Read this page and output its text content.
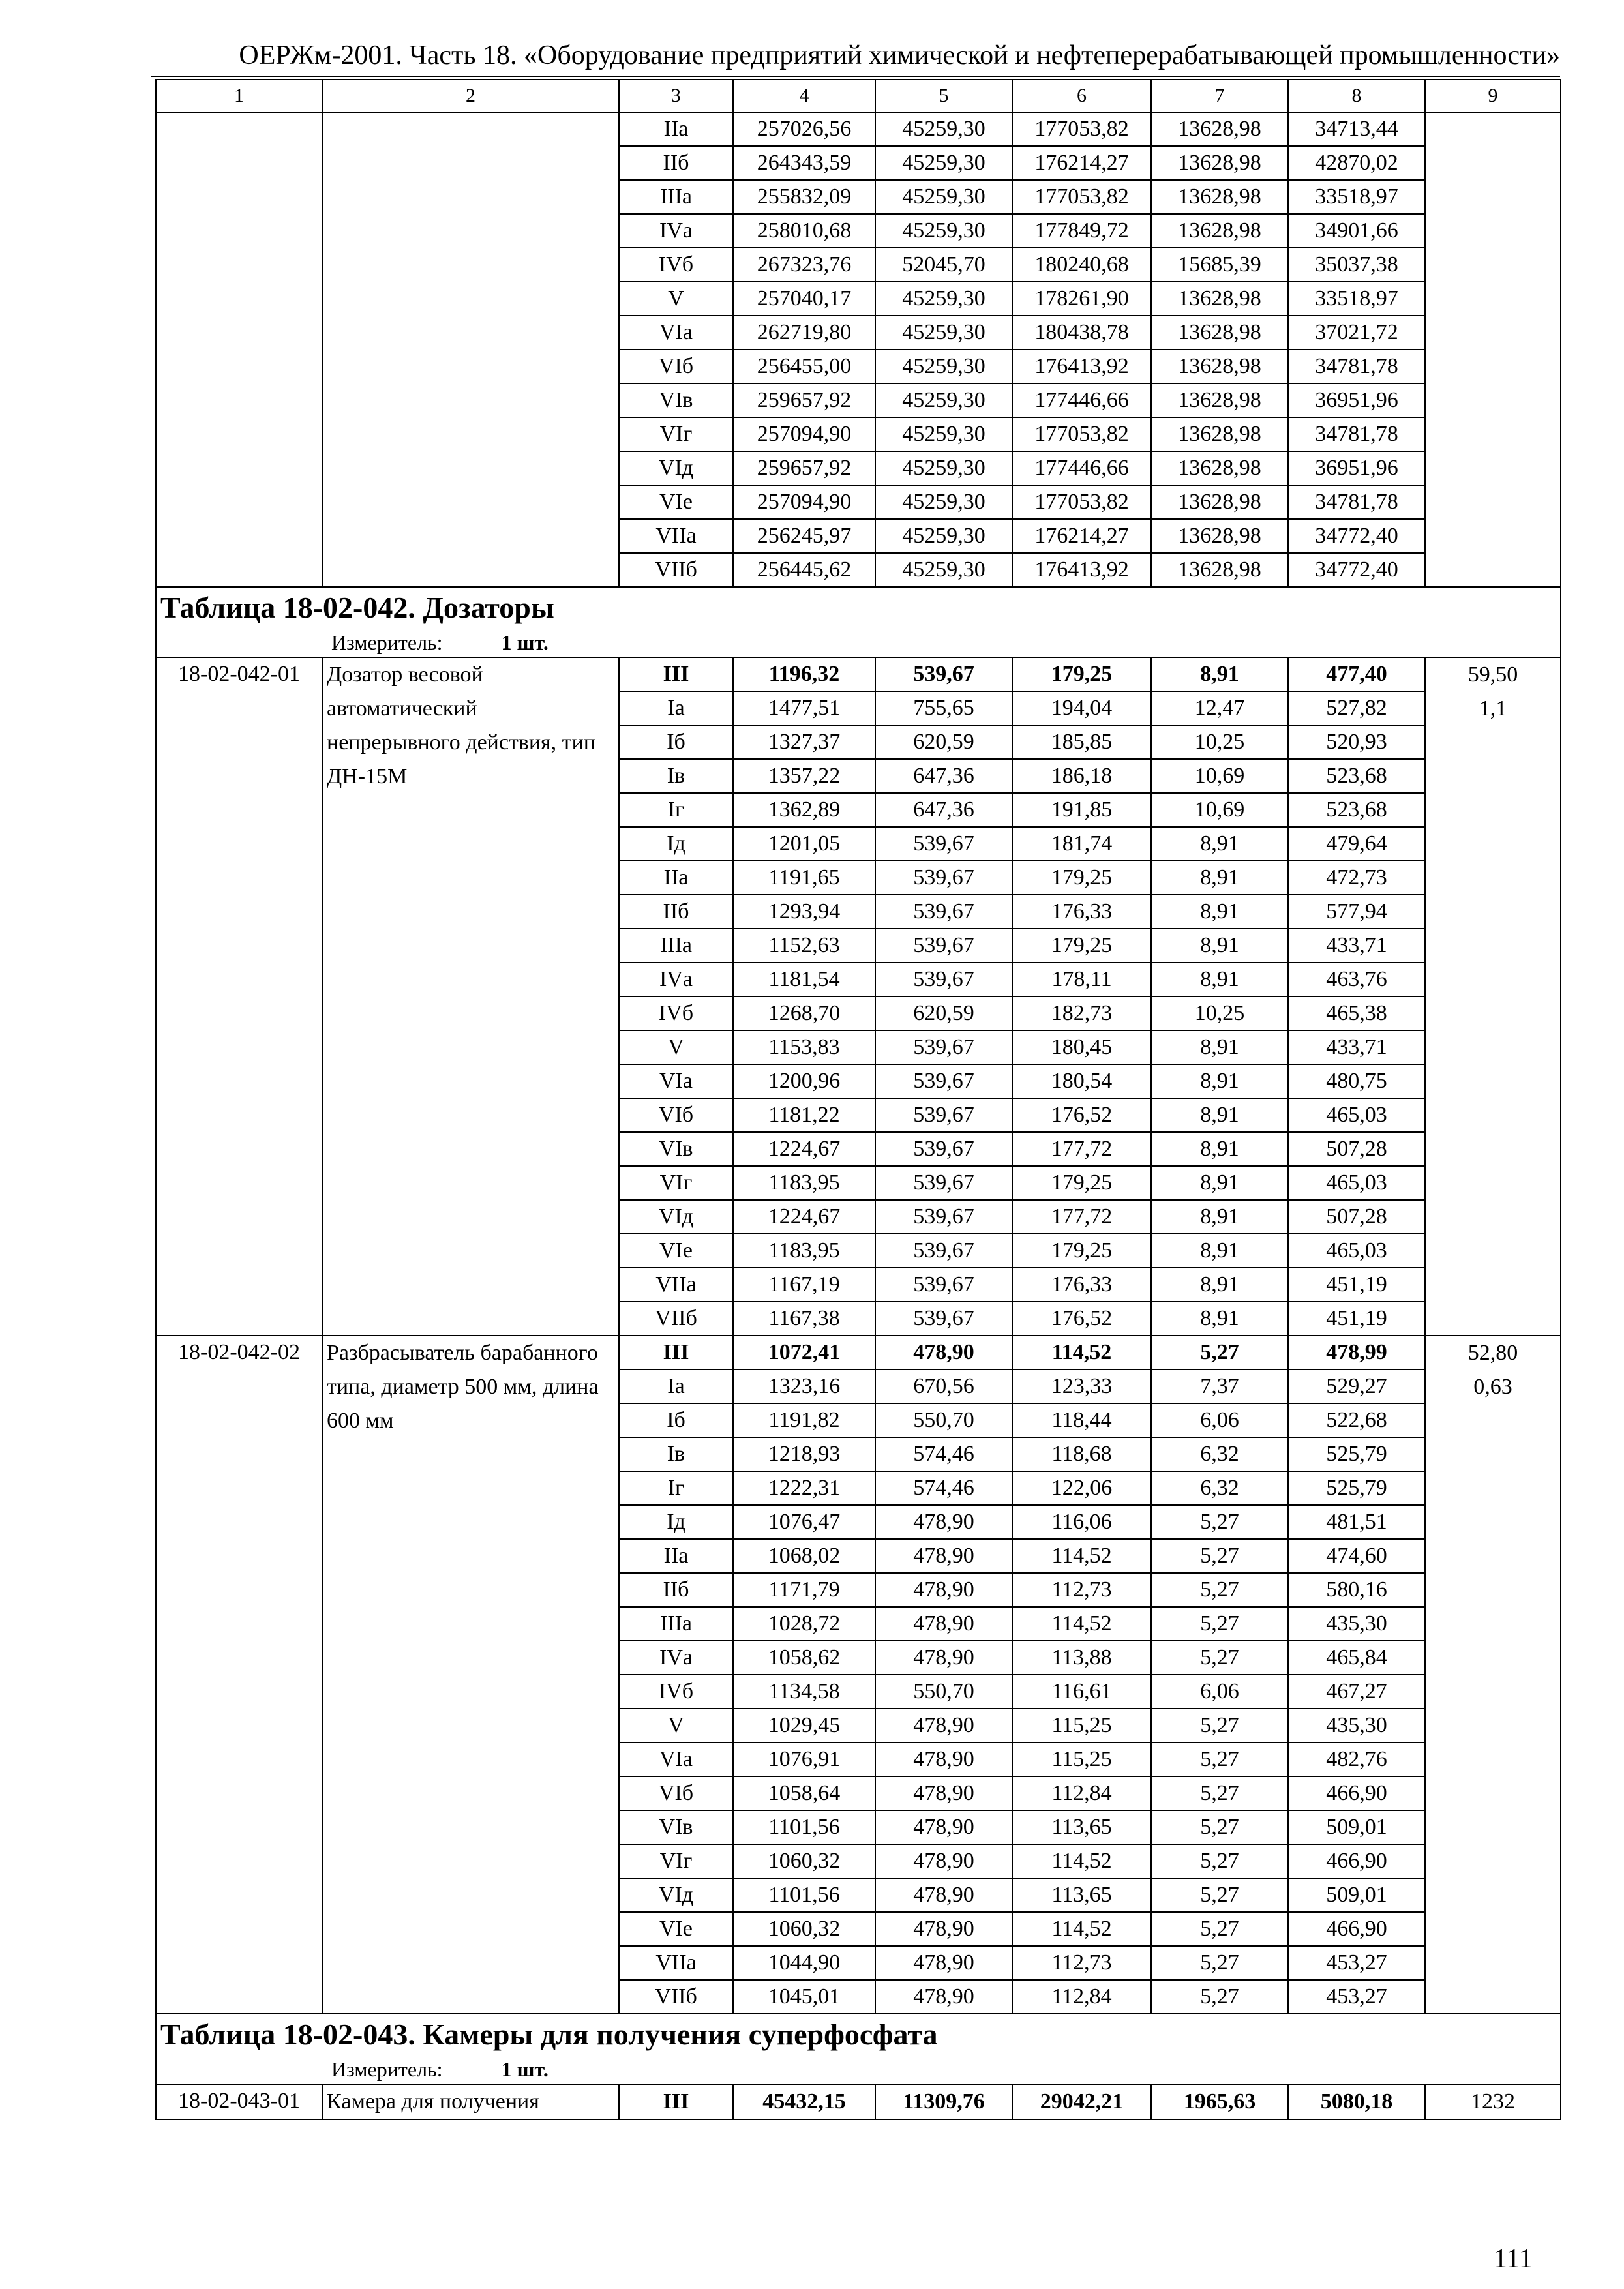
ОЕРЖм-2001. Часть 18. «Оборудование предприятий химической и нефтеперерабатывающей промышленности»
1	2	3	4	5	6	7	8	9
		IIа	257026,56	45259,30	177053,82	13628,98	34713,44	
		IIб	264343,59	45259,30	176214,27	13628,98	42870,02	
		IIIа	255832,09	45259,30	177053,82	13628,98	33518,97	
		IVа	258010,68	45259,30	177849,72	13628,98	34901,66	
		IVб	267323,76	52045,70	180240,68	15685,39	35037,38	
		V	257040,17	45259,30	178261,90	13628,98	33518,97	
		VIа	262719,80	45259,30	180438,78	13628,98	37021,72	
		VIб	256455,00	45259,30	176413,92	13628,98	34781,78	
		VIв	259657,92	45259,30	177446,66	13628,98	36951,96	
		VIг	257094,90	45259,30	177053,82	13628,98	34781,78	
		VIд	259657,92	45259,30	177446,66	13628,98	36951,96	
		VIе	257094,90	45259,30	177053,82	13628,98	34781,78	
		VIIа	256245,97	45259,30	176214,27	13628,98	34772,40	
		VIIб	256445,62	45259,30	176413,92	13628,98	34772,40	
Таблица 18-02-042. Дозаторы								
Измеритель: 1 шт.								
18-02-042-01	Дозатор весовой автоматический непрерывного действия, тип ДН-15М	III	1196,32	539,67	179,25	8,91	477,40	59,50
1,1

		Iа	1477,51	755,65	194,04	12,47	527,82	
		Iб	1327,37	620,59	185,85	10,25	520,93	
		Iв	1357,22	647,36	186,18	10,69	523,68	
		Iг	1362,89	647,36	191,85	10,69	523,68	
		Iд	1201,05	539,67	181,74	8,91	479,64	
		IIа	1191,65	539,67	179,25	8,91	472,73	
		IIб	1293,94	539,67	176,33	8,91	577,94	
		IIIа	1152,63	539,67	179,25	8,91	433,71	
		IVа	1181,54	539,67	178,11	8,91	463,76	
		IVб	1268,70	620,59	182,73	10,25	465,38	
		V	1153,83	539,67	180,45	8,91	433,71	
		VIа	1200,96	539,67	180,54	8,91	480,75	
		VIб	1181,22	539,67	176,52	8,91	465,03	
		VIв	1224,67	539,67	177,72	8,91	507,28	
		VIг	1183,95	539,67	179,25	8,91	465,03	
		VIд	1224,67	539,67	177,72	8,91	507,28	
		VIе	1183,95	539,67	179,25	8,91	465,03	
		VIIа	1167,19	539,67	176,33	8,91	451,19	
		VIIб	1167,38	539,67	176,52	8,91	451,19	
18-02-042-02	Разбрасыватель барабанного типа, диаметр 500 мм, длина 600 мм	III	1072,41	478,90	114,52	5,27	478,99	52,80
0,63

		Iа	1323,16	670,56	123,33	7,37	529,27	
		Iб	1191,82	550,70	118,44	6,06	522,68	
		Iв	1218,93	574,46	118,68	6,32	525,79	
		Iг	1222,31	574,46	122,06	6,32	525,79	
		Iд	1076,47	478,90	116,06	5,27	481,51	
		IIа	1068,02	478,90	114,52	5,27	474,60	
		IIб	1171,79	478,90	112,73	5,27	580,16	
		IIIа	1028,72	478,90	114,52	5,27	435,30	
		IVа	1058,62	478,90	113,88	5,27	465,84	
		IVб	1134,58	550,70	116,61	6,06	467,27	
		V	1029,45	478,90	115,25	5,27	435,30	
		VIа	1076,91	478,90	115,25	5,27	482,76	
		VIб	1058,64	478,90	112,84	5,27	466,90	
		VIв	1101,56	478,90	113,65	5,27	509,01	
		VIг	1060,32	478,90	114,52	5,27	466,90	
		VIд	1101,56	478,90	113,65	5,27	509,01	
		VIе	1060,32	478,90	114,52	5,27	466,90	
		VIIа	1044,90	478,90	112,73	5,27	453,27	
		VIIб	1045,01	478,90	112,84	5,27	453,27	
Таблица 18-02-043. Камеры для получения суперфосфата								
Измеритель: 1 шт.								
18-02-043-01	Камера для получения	III	45432,15	11309,76	29042,21	1965,63	5080,18	1232
111
